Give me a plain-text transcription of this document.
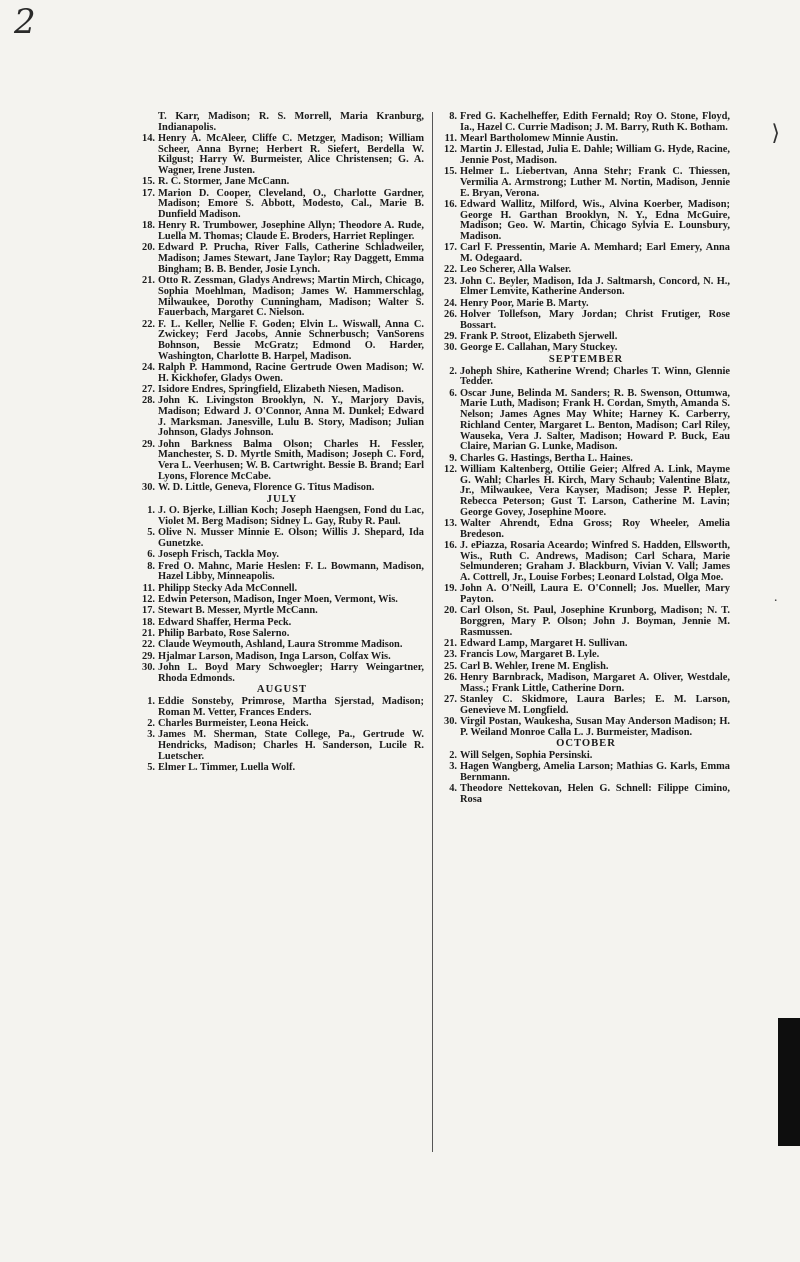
2
T. Karr, Madison; R. S. Morrell, Maria Kranburg, Indianapolis.
14. Henry A. McAleer, Cliffe C. Metzger, Madison; William Scheer, Anna Byrne; Herbert R. Siefert, Berdella W. Kilgust; Harry W. Burmeister, Alice Christensen; G. A. Wagner, Irene Justen.
15. R. C. Stormer, Jane McCann.
17. Marion D. Cooper, Cleveland, O., Charlotte Gardner, Madison; Emore S. Abbott, Modesto, Cal., Marie B. Dunfield Madison.
18. Henry R. Trumbower, Josephine Allyn; Theodore A. Rude, Luella M. Thomas; Claude E. Broders, Harriet Replinger.
20. Edward P. Prucha, River Falls, Catherine Schladweiler, Madison; James Stewart, Jane Taylor; Ray Daggett, Emma Bingham; B. B. Bender, Josie Lynch.
21. Otto R. Zessman, Gladys Andrews; Martin Mirch, Chicago, Sophia Moehlman, Madison; James W. Hammerschlag, Milwaukee, Dorothy Cunningham, Madison; Walter S. Fauerbach, Margaret C. Nielson.
22. F. L. Keller, Nellie F. Goden; Elvin L. Wiswall, Anna C. Zwickey; Ferd Jacobs, Annie Schnerbusch; VanSorens Bohnson, Bessie McGratz; Edmond O. Harder, Washington, Charlotte B. Harpel, Madison.
24. Ralph P. Hammond, Racine Gertrude Owen Madison; W. H. Kickhofer, Gladys Owen.
27. Isidore Endres, Springfield, Elizabeth Niesen, Madison.
28. John K. Livingston Brooklyn, N. Y., Marjory Davis, Madison; Edward J. O'Connor, Anna M. Dunkel; Edward J. Marksman. Janesville, Lulu B. Story, Madison; Julian Johnson, Gladys Johnson.
29. John Barkness Balma Olson; Charles H. Fessler, Manchester, S. D. Myrtle Smith, Madison; Joseph C. Ford, Vera L. Veerhusen; W. B. Cartwright. Bessie B. Brand; Earl Lyons, Florence McCabe.
30. W. D. Little, Geneva, Florence G. Titus Madison.
JULY
1. J. O. Bjerke, Lillian Koch; Joseph Haengsen, Fond du Lac, Violet M. Berg Madison; Sidney L. Gay, Ruby R. Paul.
5. Olive N. Musser Minnie E. Olson; Willis J. Shepard, Ida Gunetzke.
6. Joseph Frisch, Tackla Moy.
8. Fred O. Mahnc, Marie Heslen: F. L. Bowmann, Madison, Hazel Libby, Minneapolis.
11. Philipp Stecky Ada McConnell.
12. Edwin Peterson, Madison, Inger Moen, Vermont, Wis.
17. Stewart B. Messer, Myrtle McCann.
18. Edward Shaffer, Herma Peck.
21. Philip Barbato, Rose Salerno.
22. Claude Weymouth, Ashland, Laura Stromme Madison.
29. Hjalmar Larson, Madison, Inga Larson, Colfax Wis.
30. John L. Boyd Mary Schwoegler; Harry Weingartner, Rhoda Edmonds.
AUGUST
1. Eddie Sonsteby, Primrose, Martha Sjerstad, Madison; Roman M. Vetter, Frances Enders.
2. Charles Burmeister, Leona Heick.
3. James M. Sherman, State College, Pa., Gertrude W. Hendricks, Madison; Charles H. Sanderson, Lucile R. Luetscher.
5. Elmer L. Timmer, Luella Wolf.
8. Fred G. Kachelheffer, Edith Fernald; Roy O. Stone, Floyd, Ia., Hazel C. Currie Madison; J. M. Barry, Ruth K. Botham.
11. Mearl Bartholomew Minnie Austin.
12. Martin J. Ellestad, Julia E. Dahle; William G. Hyde, Racine, Jennie Post, Madison.
15. Helmer L. Liebertvan, Anna Stehr; Frank C. Thiessen, Vermilia A. Armstrong; Luther M. Nortin, Madison, Jennie E. Bryan, Verona.
16. Edward Wallitz, Milford, Wis., Alvina Koerber, Madison; George H. Garthan Brooklyn, N. Y., Edna McGuire, Madison; Geo. W. Martin, Chicago Sylvia E. Lounsbury, Madison.
17. Carl F. Pressentin, Marie A. Memhard; Earl Emery, Anna M. Odegaard.
22. Leo Scherer, Alla Walser.
23. John C. Beyler, Madison, Ida J. Saltmarsh, Concord, N. H., Elmer Lemvite, Katherine Anderson.
24. Henry Poor, Marie B. Marty.
26. Holver Tollefson, Mary Jordan; Christ Frutiger, Rose Bossart.
29. Frank P. Stroot, Elizabeth Sjerwell.
30. George E. Callahan, Mary Stuckey.
SEPTEMBER
2. Joheph Shire, Katherine Wrend; Charles T. Winn, Glennie Tedder.
6. Oscar June, Belinda M. Sanders; R. B. Swenson, Ottumwa, Marie Luth, Madison; Frank H. Cordan, Smyth, Amanda S. Nelson; James Agnes May White; Harney K. Carberry, Richland Center, Margaret L. Benton, Madison; Carl Riley, Wauseka, Vera J. Salter, Madison; Howard P. Buck, Eau Claire, Marian G. Lunke, Madison.
9. Charles G. Hastings, Bertha L. Haines.
12. William Kaltenberg, Ottilie Geier; Alfred A. Link, Mayme G. Wahl; Charles H. Kirch, Mary Schaub; Valentine Blatz, Jr., Milwaukee, Vera Kayser, Madison; Jesse P. Hepler, Rebecca Peterson; Gust T. Larson, Catherine M. Lavin; George Govey, Josephine Moore.
13. Walter Ahrendt, Edna Gross; Roy Wheeler, Amelia Bredeson.
16. J. ePiazza, Rosaria Aceardo; Winfred S. Hadden, Ellsworth, Wis., Ruth C. Andrews, Madison; Carl Schara, Marie Selmunderen; Graham J. Blackburn, Vivian V. Vall; James A. Cottrell, Jr., Louise Forbes; Leonard Lolstad, Olga Moe.
19. John A. O'Neill, Laura E. O'Connell; Jos. Mueller, Mary Payton.
20. Carl Olson, St. Paul, Josephine Krunborg, Madison; N. T. Borggren, Mary P. Olson; John J. Boyman, Jennie M. Rasmussen.
21. Edward Lamp, Margaret H. Sullivan.
23. Francis Low, Margaret B. Lyle.
25. Carl B. Wehler, Irene M. English.
26. Henry Barnbrack, Madison, Margaret A. Oliver, Westdale, Mass.; Frank Little, Catherine Dorn.
27. Stanley C. Skidmore, Laura Barles; E. M. Larson, Genevieve M. Longfield.
30. Virgil Postan, Waukesha, Susan May Anderson Madison; H. P. Weiland Monroe Calla L. J. Burmeister, Madison.
OCTOBER
2. Will Selgen, Sophia Persinski.
3. Hagen Wangberg, Amelia Larson; Mathias G. Karls, Emma Bernmann.
4. Theodore Nettekovan, Helen G. Schnell: Filippe Cimino, Rosa
⟩
·
